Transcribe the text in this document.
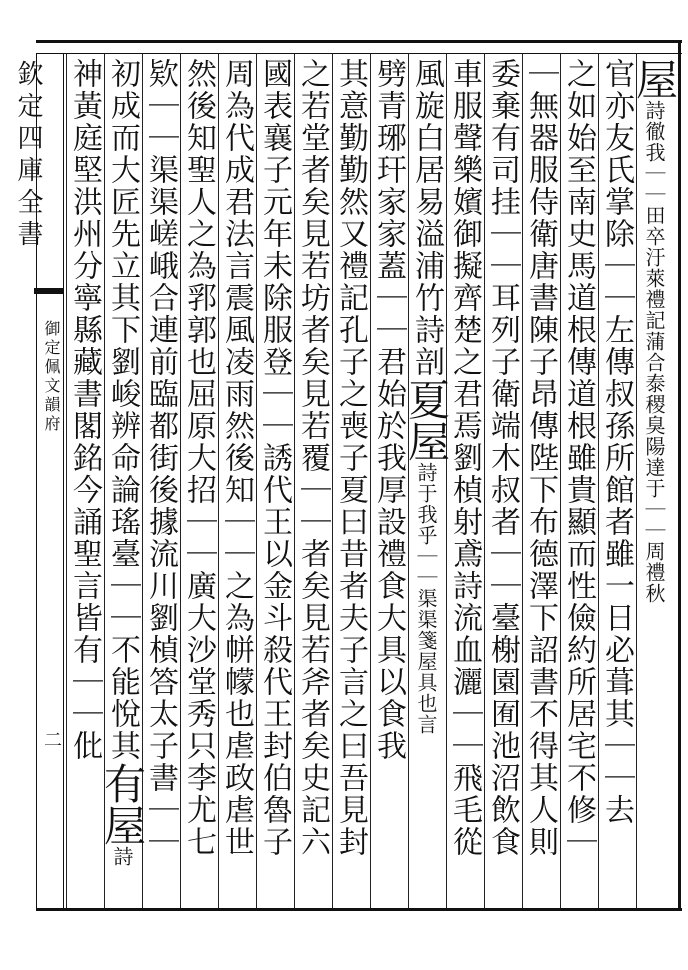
欽定四庫全書
御定佩文韻府
二
屋詩徹我｜｜田卒汙萊禮記蒲合泰稷臭陽達于｜｜周禮秋
官亦友氏掌除｜｜左傳叔孫所館者雖一日必葺其｜｜去
之如始至南史馬道根傳道根雖貴顯而性儉約所居宅不修｜
｜無器服侍衛唐書陳子昂傳陛下布德澤下詔書不得其人則
委棄有司挂｜｜耳列子衛端木叔者｜｜臺榭園囿池沼飲食
車服聲樂嬪御擬齊楚之君焉劉楨射鳶詩流血灑｜｜飛毛從
風旋白居易溢浦竹詩剖夏屋詩于我乎｜｜渠渠箋屋具也言
劈青琊玕家家蓋｜｜君始於我厚設禮食大具以食我
其意勤勤然又禮記孔子之喪子夏曰昔者夫子言之曰吾見封
之若堂者矣見若坊者矣見若覆｜｜者矣見若斧者矣史記六
國表襄子元年未除服登｜｜誘代王以金斗殺代王封伯魯子
周為代成君法言震風凌雨然後知｜｜之為帡幪也虐政虐世
然後知聖人之為郛郭也屈原大招｜｜廣大沙堂秀只李尤七
欵｜｜渠渠嵯峨合連前臨都街後據流川劉楨答太子書｜｜
初成而大匠先立其下劉峻辨命論瑤臺｜｜不能悅其有屋詩
神黃庭堅洪州分寧縣藏書閣銘今誦聖言皆有｜｜仳
